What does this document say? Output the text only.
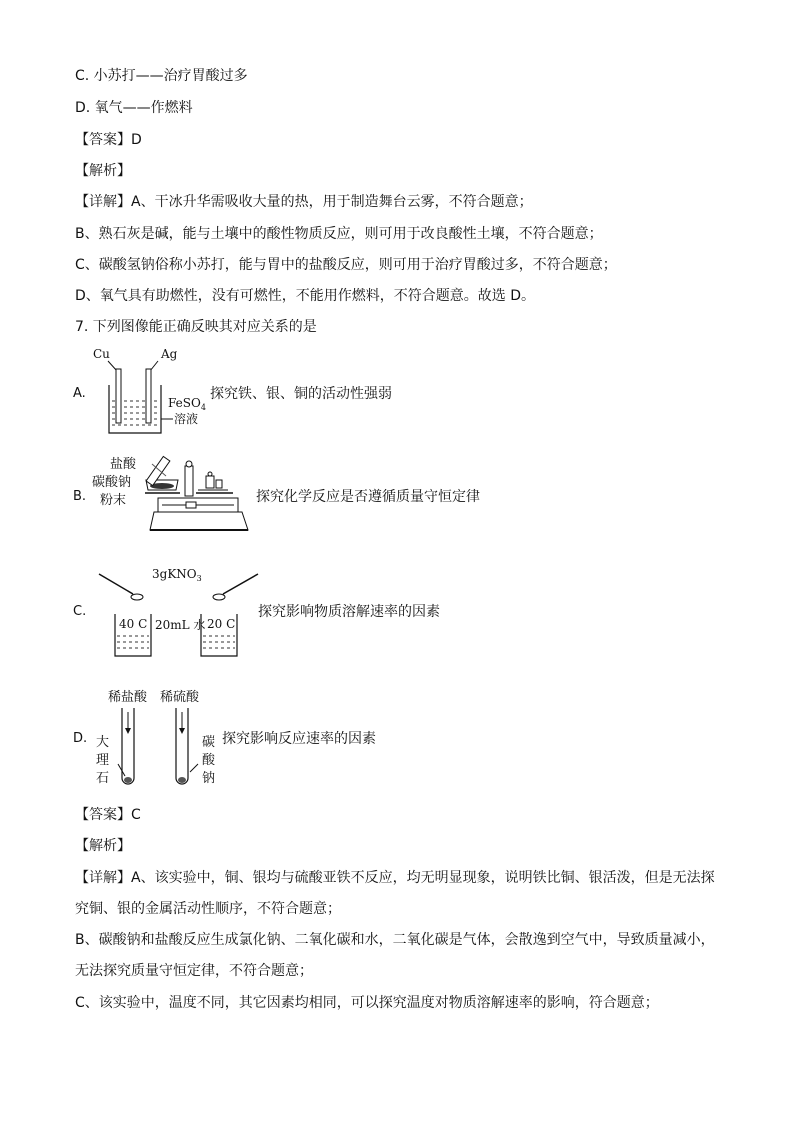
C. 小苏打——治疗胃酸过多
D. 氧气——作燃料
【答案】D
【解析】
【详解】A、干冰升华需吸收大量的热，用于制造舞台云雾，不符合题意；
B、熟石灰是碱，能与土壤中的酸性物质反应，则可用于改良酸性土壤，不符合题意；
C、碳酸氢钠俗称小苏打，能与胃中的盐酸反应，则可用于治疗胃酸过多，不符合题意；
D、氧气具有助燃性，没有可燃性，不能用作燃料，不符合题意。故选 D。
7. 下列图像能正确反映其对应关系的是
A.
Cu	Ag
FeSO$_4$
溶液
探究铁、银、铜的活动性强弱
B.
盐酸
碳酸钠
粉末	探究化学反应是否遵循质量守恒定律
C.
3gKNO$_3$
40 C 20mL 水 20 C
探究影响物质溶解速率的因素
D.
稀盐酸 稀硫酸
大
理
石
碳
酸
钠
探究影响反应速率的因素
【答案】C
【解析】
【详解】A、该实验中，铜、银均与硫酸亚铁不反应，均无明显现象，说明铁比铜、银活泼，但是无法探
究铜、银的金属活动性顺序，不符合题意；
B、碳酸钠和盐酸反应生成氯化钠、二氧化碳和水，二氧化碳是气体，会散逸到空气中，导致质量减小，
无法探究质量守恒定律，不符合题意；
C、该实验中，温度不同，其它因素均相同，可以探究温度对物质溶解速率的影响，符合题意；
